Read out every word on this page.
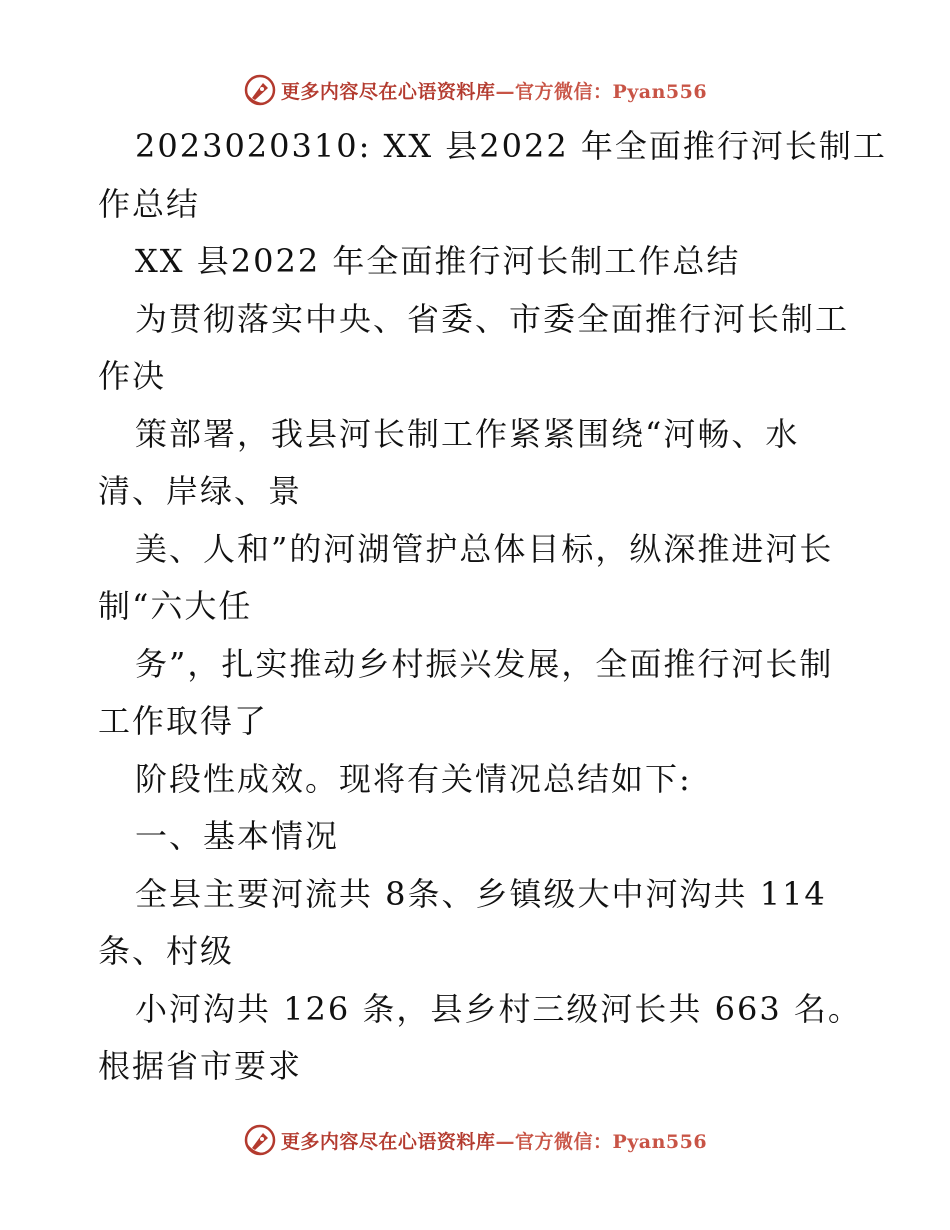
更多内容尽在心语资料库—官方微信：Pyan556
2023020310: XX 县2022 年全面推行河长制工
作总结
XX 县2022 年全面推行河长制工作总结
为贯彻落实中央、省委、市委全面推行河长制工
作决
策部署，我县河长制工作紧紧围绕“河畅、水
清、岸绿、景
美、人和”的河湖管护总体目标，纵深推进河长
制“六大任
务”，扎实推动乡村振兴发展，全面推行河长制
工作取得了
阶段性成效。现将有关情况总结如下:
一、基本情况
全县主要河流共 8条、乡镇级大中河沟共 114
条、村级
小河沟共 126 条，县乡村三级河长共 663 名。
根据省市要求
更多内容尽在心语资料库—官方微信：Pyan556
